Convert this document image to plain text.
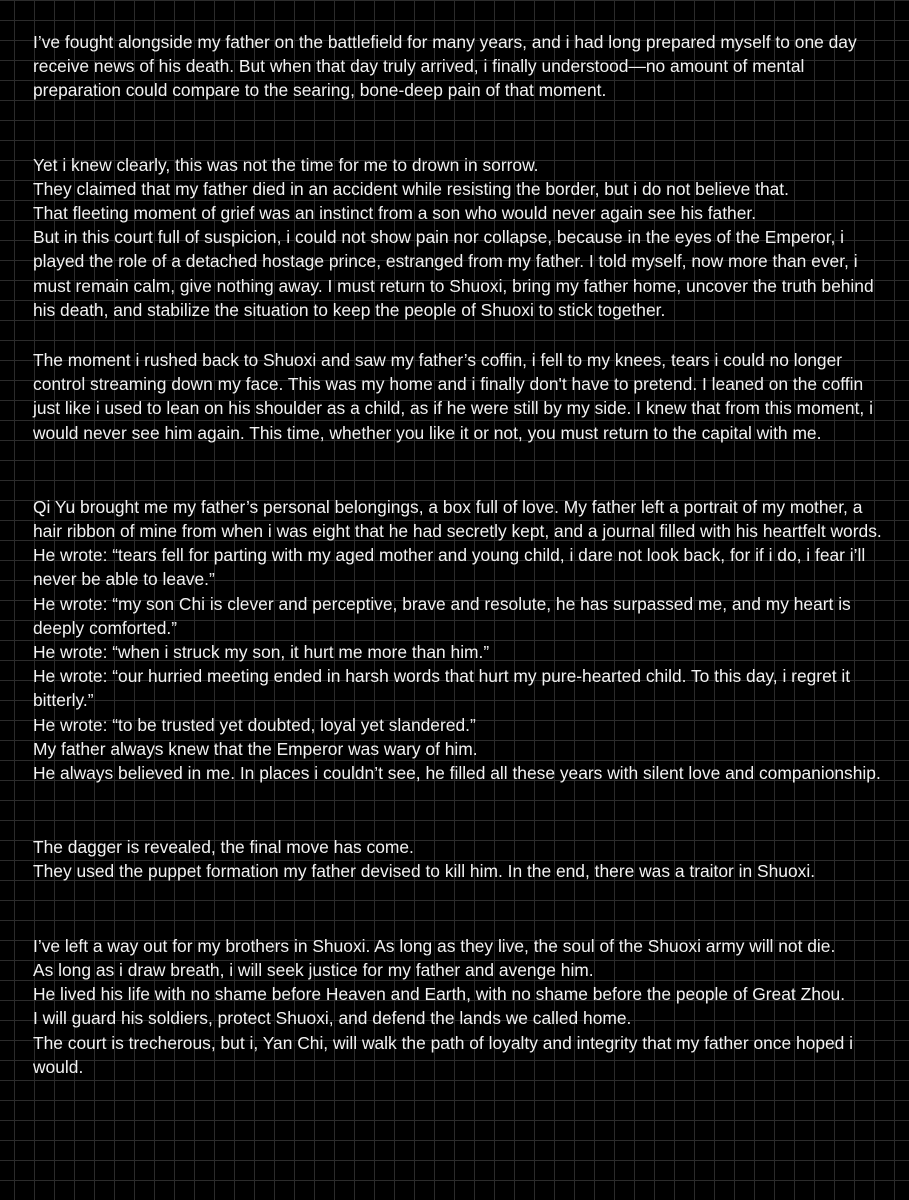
I’ve fought alongside my father on the battlefield for many years, and i had long prepared myself to one day receive news of his death. But when that day truly arrived, i finally understood—no amount of mental preparation could compare to the searing, bone-deep pain of that moment.

Yet i knew clearly, this was not the time for me to drown in sorrow.
They claimed that my father died in an accident while resisting the border, but i do not believe that.
That fleeting moment of grief was an instinct from a son who would never again see his father.
But in this court full of suspicion, i could not show pain nor collapse, because in the eyes of the Emperor, i played the role of a detached hostage prince, estranged from my father. I told myself, now more than ever, i must remain calm, give nothing away. I must return to Shuoxi, bring my father home, uncover the truth behind his death, and stabilize the situation to keep the people of Shuoxi to stick together.

The moment i rushed back to Shuoxi and saw my father’s coffin, i fell to my knees, tears i could no longer control streaming down my face. This was my home and i finally don't have to pretend. I leaned on the coffin just like i used to lean on his shoulder as a child, as if he were still by my side. I knew that from this moment, i would never see him again. This time, whether you like it or not, you must return to the capital with me.

Qi Yu brought me my father’s personal belongings, a box full of love. My father left a portrait of my mother, a hair ribbon of mine from when i was eight that he had secretly kept, and a journal filled with his heartfelt words.
He wrote: “tears fell for parting with my aged mother and young child, i dare not look back, for if i do, i fear i’ll never be able to leave.”
He wrote: “my son Chi is clever and perceptive, brave and resolute, he has surpassed me, and my heart is deeply comforted.”
He wrote: “when i struck my son, it hurt me more than him.”
He wrote: “our hurried meeting ended in harsh words that hurt my pure-hearted child. To this day, i regret it bitterly.”
He wrote: “to be trusted yet doubted, loyal yet slandered.”
My father always knew that the Emperor was wary of him.
He always believed in me. In places i couldn’t see, he filled all these years with silent love and companionship.

The dagger is revealed, the final move has come.
They used the puppet formation my father devised to kill him. In the end, there was a traitor in Shuoxi.

I’ve left a way out for my brothers in Shuoxi. As long as they live, the soul of the Shuoxi army will not die.
As long as i draw breath, i will seek justice for my father and avenge him.
He lived his life with no shame before Heaven and Earth, with no shame before the people of Great Zhou.
I will guard his soldiers, protect Shuoxi, and defend the lands we called home.
The court is trecherous, but i, Yan Chi, will walk the path of loyalty and integrity that my father once hoped i would.
